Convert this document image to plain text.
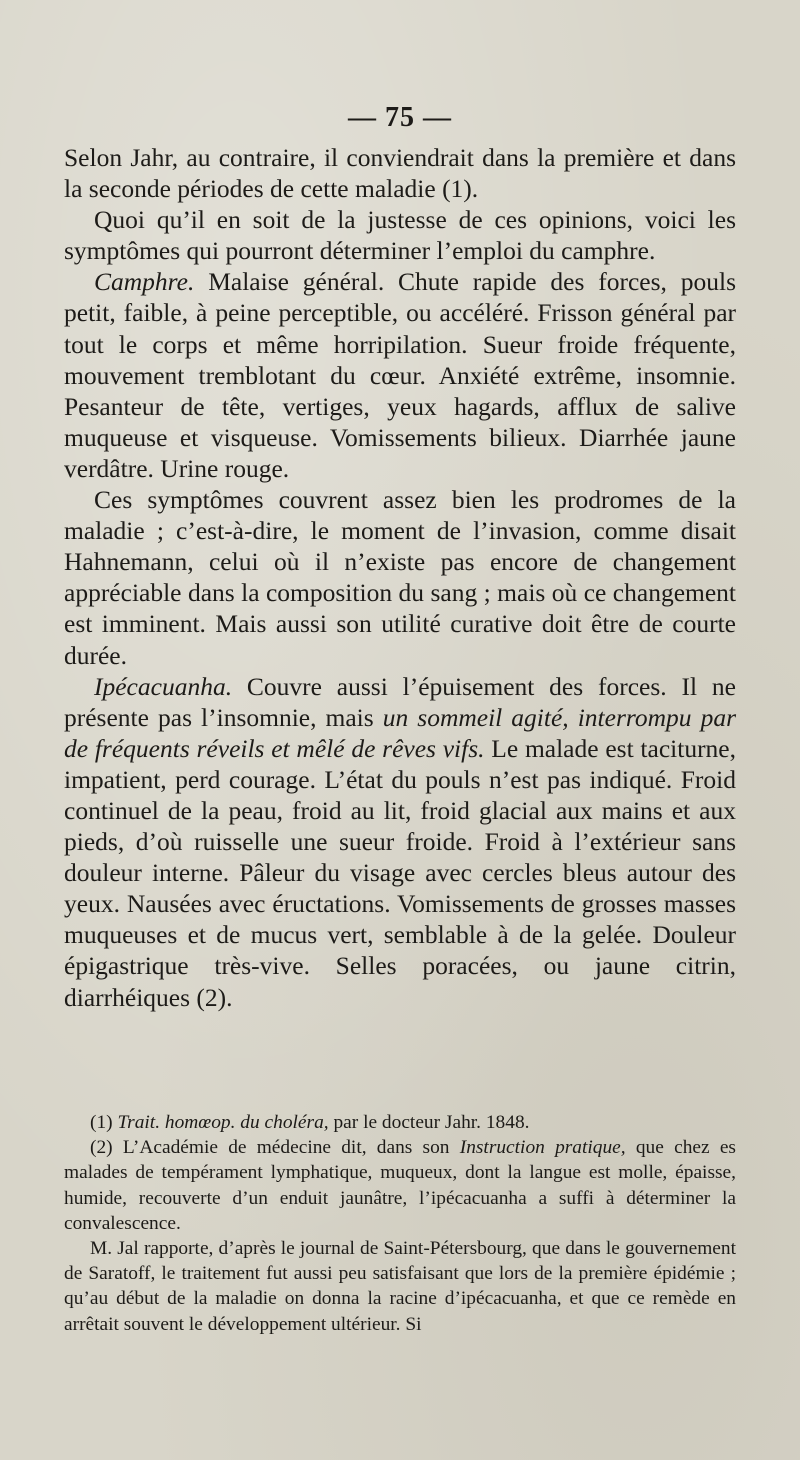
— 75 —

Selon Jahr, au contraire, il conviendrait dans la première et dans la seconde périodes de cette maladie (1).

Quoi qu’il en soit de la justesse de ces opinions, voici les symptômes qui pourront déterminer l’emploi du camphre.

Camphre. Malaise général. Chute rapide des forces, pouls petit, faible, à peine perceptible, ou accéléré. Frisson général par tout le corps et même horripilation. Sueur froide fréquente, mouvement tremblotant du cœur. Anxiété extrême, insomnie. Pesanteur de tête, vertiges, yeux hagards, afflux de salive muqueuse et visqueuse. Vomissements bilieux. Diarrhée jaune verdâtre. Urine rouge.

Ces symptômes couvrent assez bien les prodromes de la maladie ; c’est-à-dire, le moment de l’invasion, comme disait Hahnemann, celui où il n’existe pas encore de changement appréciable dans la composition du sang ; mais où ce changement est imminent. Mais aussi son utilité curative doit être de courte durée.

Ipécacuanha. Couvre aussi l’épuisement des forces. Il ne présente pas l’insomnie, mais un sommeil agité, interrompu par de fréquents réveils et mêlé de rêves vifs. Le malade est taciturne, impatient, perd courage. L’état du pouls n’est pas indiqué. Froid continuel de la peau, froid au lit, froid glacial aux mains et aux pieds, d’où ruisselle une sueur froide. Froid à l’extérieur sans douleur interne. Pâleur du visage avec cercles bleus autour des yeux. Nausées avec éructations. Vomissements de grosses masses muqueuses et de mucus vert, semblable à de la gelée. Douleur épigastrique très-vive. Selles poracées, ou jaune citrin, diarrhéiques (2).

(1) Trait. homœop. du choléra, par le docteur Jahr. 1848.

(2) L’Académie de médecine dit, dans son Instruction pratique, que chez es malades de tempérament lymphatique, muqueux, dont la langue est molle, épaisse, humide, recouverte d’un enduit jaunâtre, l’ipécacuanha a suffi à déterminer la convalescence.

M. Jal rapporte, d’après le journal de Saint-Pétersbourg, que dans le gouvernement de Saratoff, le traitement fut aussi peu satisfaisant que lors de la première épidémie ; qu’au début de la maladie on donna la racine d’ipécacuanha, et que ce remède en arrêtait souvent le développement ultérieur. Si
